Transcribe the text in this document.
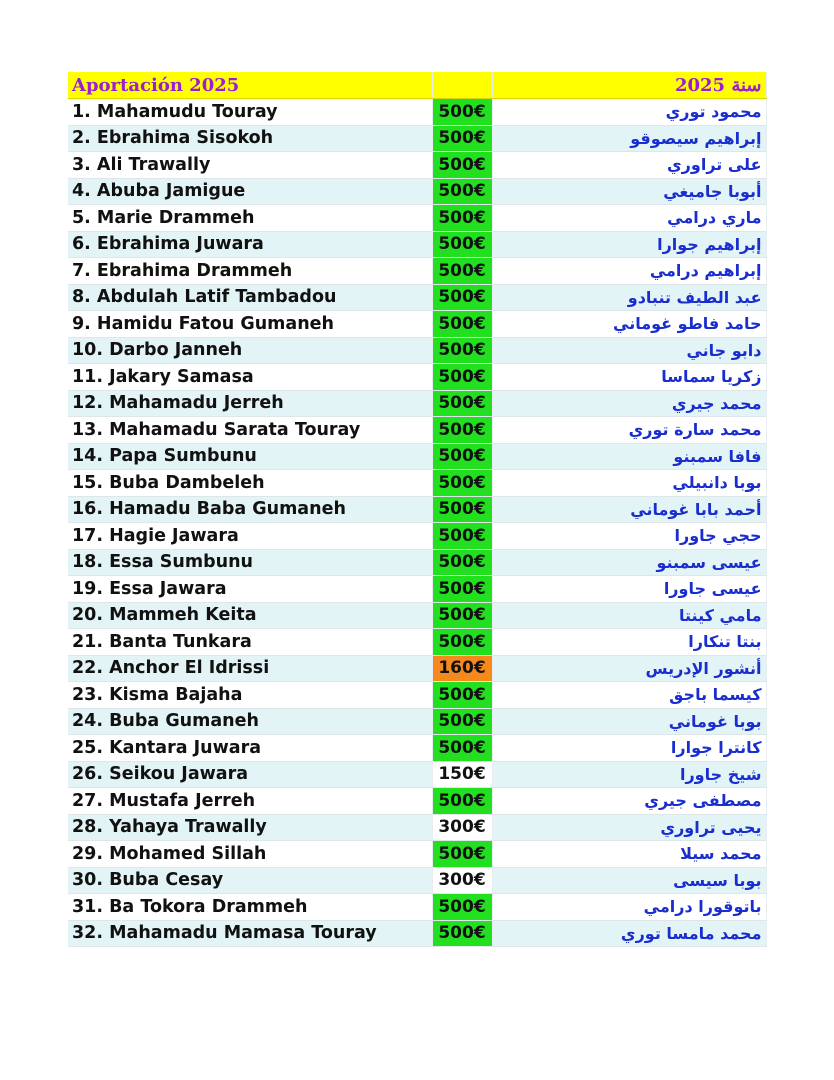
Aportación 2025		سنة 2025
1. Mahamudu Touray	500€	محمود توري
2. Ebrahima Sisokoh	500€	إبراهيم سيصوقو
3. Ali Trawally	500€	على تراوري
4. Abuba Jamigue	500€	أبوبا جاميغي
5. Marie Drammeh	500€	ماري درامي
6. Ebrahima Juwara	500€	إبراهيم جوارا
7. Ebrahima Drammeh	500€	إبراهيم درامي
8. Abdulah Latif Tambadou	500€	عبد الطيف تنبادو
9. Hamidu Fatou Gumaneh	500€	حامد فاطو غوماني
10. Darbo Janneh	500€	دابو جاني
11. Jakary Samasa	500€	زكريا سماسا
12. Mahamadu Jerreh	500€	محمد جيري
13. Mahamadu Sarata Touray	500€	محمد سارة توري
14. Papa Sumbunu	500€	فافا سمبنو
15. Buba Dambeleh	500€	بوبا دانبيلي
16. Hamadu Baba Gumaneh	500€	أحمد بابا غوماني
17. Hagie Jawara	500€	حجي جاورا
18. Essa Sumbunu	500€	عيسى سمبنو
19. Essa Jawara	500€	عيسى جاورا
20. Mammeh Keita	500€	مامي كينتا
21. Banta Tunkara	500€	بنتا تنكارا
22. Anchor El Idrissi	160€	أنشور الإدريس
23. Kisma Bajaha	500€	كيسما باجق
24. Buba Gumaneh	500€	بوبا غوماني
25. Kantara Juwara	500€	كانترا جوارا
26. Seikou Jawara	150€	شيخ جاورا
27. Mustafa Jerreh	500€	مصطفى جيري
28. Yahaya Trawally	300€	يحيى تراوري
29. Mohamed Sillah	500€	محمد سيلا
30. Buba Cesay	300€	بوبا سيسى
31. Ba Tokora Drammeh	500€	باتوقورا درامي
32. Mahamadu Mamasa Touray	500€	محمد مامسا توري
